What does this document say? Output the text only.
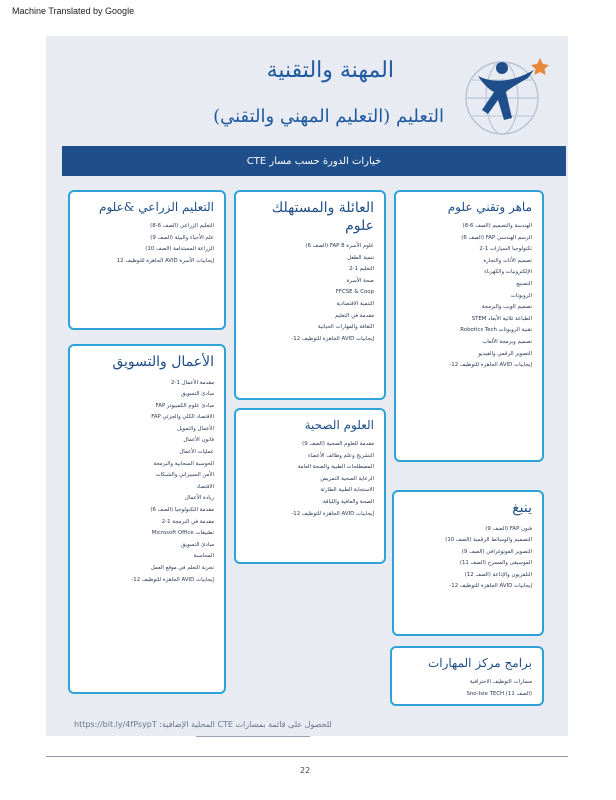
Machine Translated by Google
المهنة والتقنية
التعليم (التعليم المهني والتقني)
خيارات الدورة حسب مسار CTE
التعليم الزراعي &علوم
التعليم الزراعي (الصف 6-8)
علم الأحياء والبيئة (الصف 9)
الزراعة المستدامة (الصف 10)
إيجابيات الأسرة AVID الجاهزة للتوظيف 12
العائلة والمستهلك علوم
علوم الأسرة 8 FAP (الصف 6)
تنمية الطفل
التعليم 1-2
صحة الأسرة
FFCSE & Coop
التنمية الاقتصادية
مقدمة في التعليم
الثقافة والمهارات الحياتية
إيجابيات AVID الجاهزة للتوظيف 12-
ماهر وتقني علوم
الهندسة والتصميم (الصف 6-8)
الرسم الهندسي FAP (الصف 6)
تكنولوجيا السيارات 1-2
تصميم الأثاث والنجارة
الإلكترونيات والكهرباء
التصنيع
الروبوتات
تصميم الويب والبرمجة
الطباعة ثلاثية الأبعاد STEM
تقنية الروبوتات Robotics Tech
تصميم وبرمجة الألعاب
التصوير الرقمي والفيديو
إيجابيات AVID الجاهزة للتوظيف 12-
الأعمال والتسويق
مقدمة الأعمال 1-2
مبادئ التسويق
مبادئ علوم الكمبيوتر FAP
الاقتصاد الكلي والجزئي FAP
الأعمال والتمويل
قانون الأعمال
عمليات الأعمال
الحوسبة السحابية والبرمجة
الأمن السيبراني والشبكات
الاقتصاد
ريادة الأعمال
مقدمة التكنولوجيا (الصف 6)
مقدمة في البرمجة 1-2
تطبيقات Microsoft Office
مبادئ التسويق
المحاسبة
تجربة التعلم في موقع العمل
إيجابيات AVID الجاهزة للتوظيف 12-
العلوم الصحية
مقدمة للعلوم الصحية (الصف 9)
التشريح وعلم وظائف الأعضاء
المصطلحات الطبية والصحة العامة
الرعاية الصحية التمريض
الاستجابة الطبية الطارئة
الصحة والعافية واللياقة
إيجابيات AVID الجاهزة للتوظيف 12-	ينبغ
فنون FAP (الصف 9)
التصميم والوسائط الرقمية (الصف 10)
التصوير الفوتوغرافي (الصف 9)
الموسيقى والمسرح (الصف 11)
التلفزيون والإذاعة (الصف 12)
إيجابيات AVID الجاهزة للتوظيف 12-
برامج مركز المهارات
مسارات التوظيف الاحترافية
(الصف 11) Sno-Isle TECH
للحصول على قائمة بمسارات CTE المحلية الإضافية: https://bit.ly/4fPsypT
22
